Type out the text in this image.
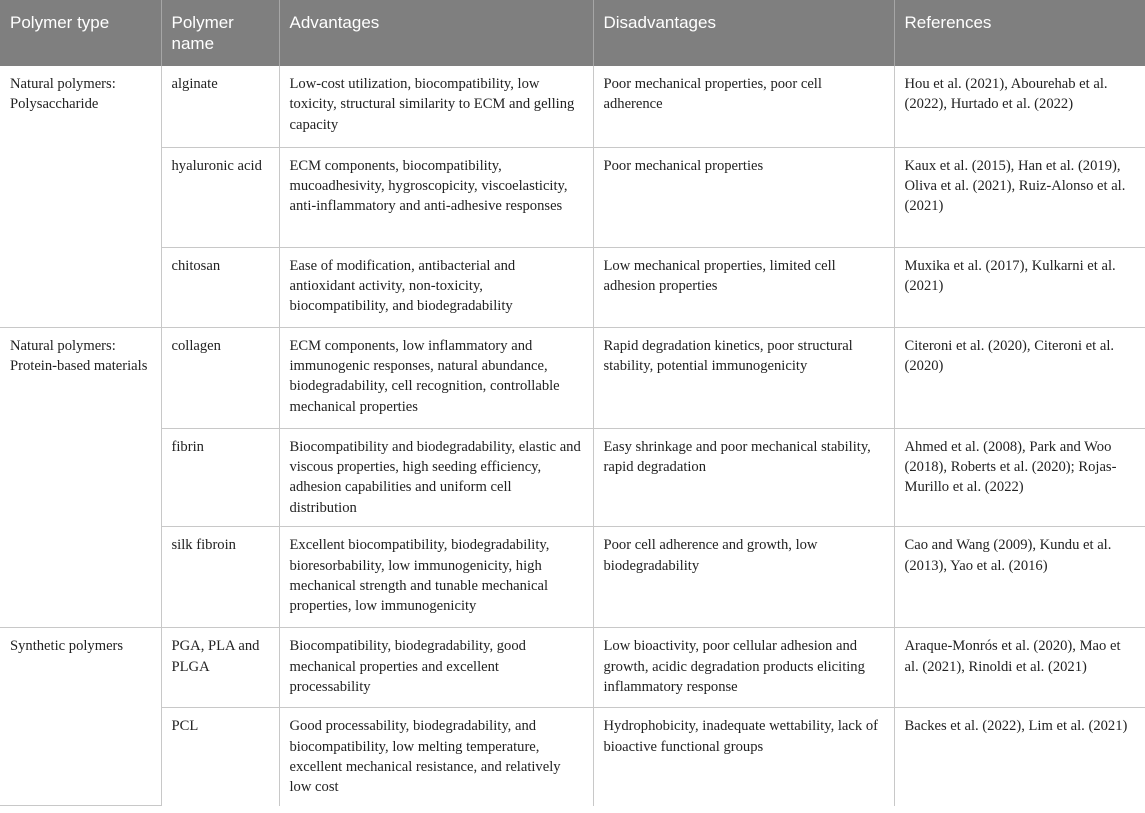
Polymer type	Polymer name	Advantages	Disadvantages	References
Natural polymers: Polysaccharide	alginate	Low-cost utilization, biocompatibility, low toxicity, structural similarity to ECM and gelling capacity	Poor mechanical properties, poor cell adherence	Hou et al. (2021), Abourehab et al. (2022), Hurtado et al. (2022)
	hyaluronic acid	ECM components, biocompatibility, mucoadhesivity, hygroscopicity, viscoelasticity, anti-inflammatory and anti-adhesive responses	Poor mechanical properties	Kaux et al. (2015), Han et al. (2019), Oliva et al. (2021), Ruiz-Alonso et al. (2021)
	chitosan	Ease of modification, antibacterial and antioxidant activity, non-toxicity, biocompatibility, and biodegradability	Low mechanical properties, limited cell adhesion properties	Muxika et al. (2017), Kulkarni et al. (2021)
Natural polymers: Protein-based materials	collagen	ECM components, low inflammatory and immunogenic responses, natural abundance, biodegradability, cell recognition, controllable mechanical properties	Rapid degradation kinetics, poor structural stability, potential immunogenicity	Citeroni et al. (2020), Citeroni et al. (2020)
	fibrin	Biocompatibility and biodegradability, elastic and viscous properties, high seeding efficiency, adhesion capabilities and uniform cell distribution	Easy shrinkage and poor mechanical stability, rapid degradation	Ahmed et al. (2008), Park and Woo (2018), Roberts et al. (2020); Rojas-Murillo et al. (2022)
	silk fibroin	Excellent biocompatibility, biodegradability, bioresorbability, low immunogenicity, high mechanical strength and tunable mechanical properties, low immunogenicity	Poor cell adherence and growth, low biodegradability	Cao and Wang (2009), Kundu et al. (2013), Yao et al. (2016)
Synthetic polymers	PGA, PLA and PLGA	Biocompatibility, biodegradability, good mechanical properties and excellent processability	Low bioactivity, poor cellular adhesion and growth, acidic degradation products eliciting inflammatory response	Araque-Monrós et al. (2020), Mao et al. (2021), Rinoldi et al. (2021)
	PCL	Good processability, biodegradability, and biocompatibility, low melting temperature, excellent mechanical resistance, and relatively low cost	Hydrophobicity, inadequate wettability, lack of bioactive functional groups	Backes et al. (2022), Lim et al. (2021)
